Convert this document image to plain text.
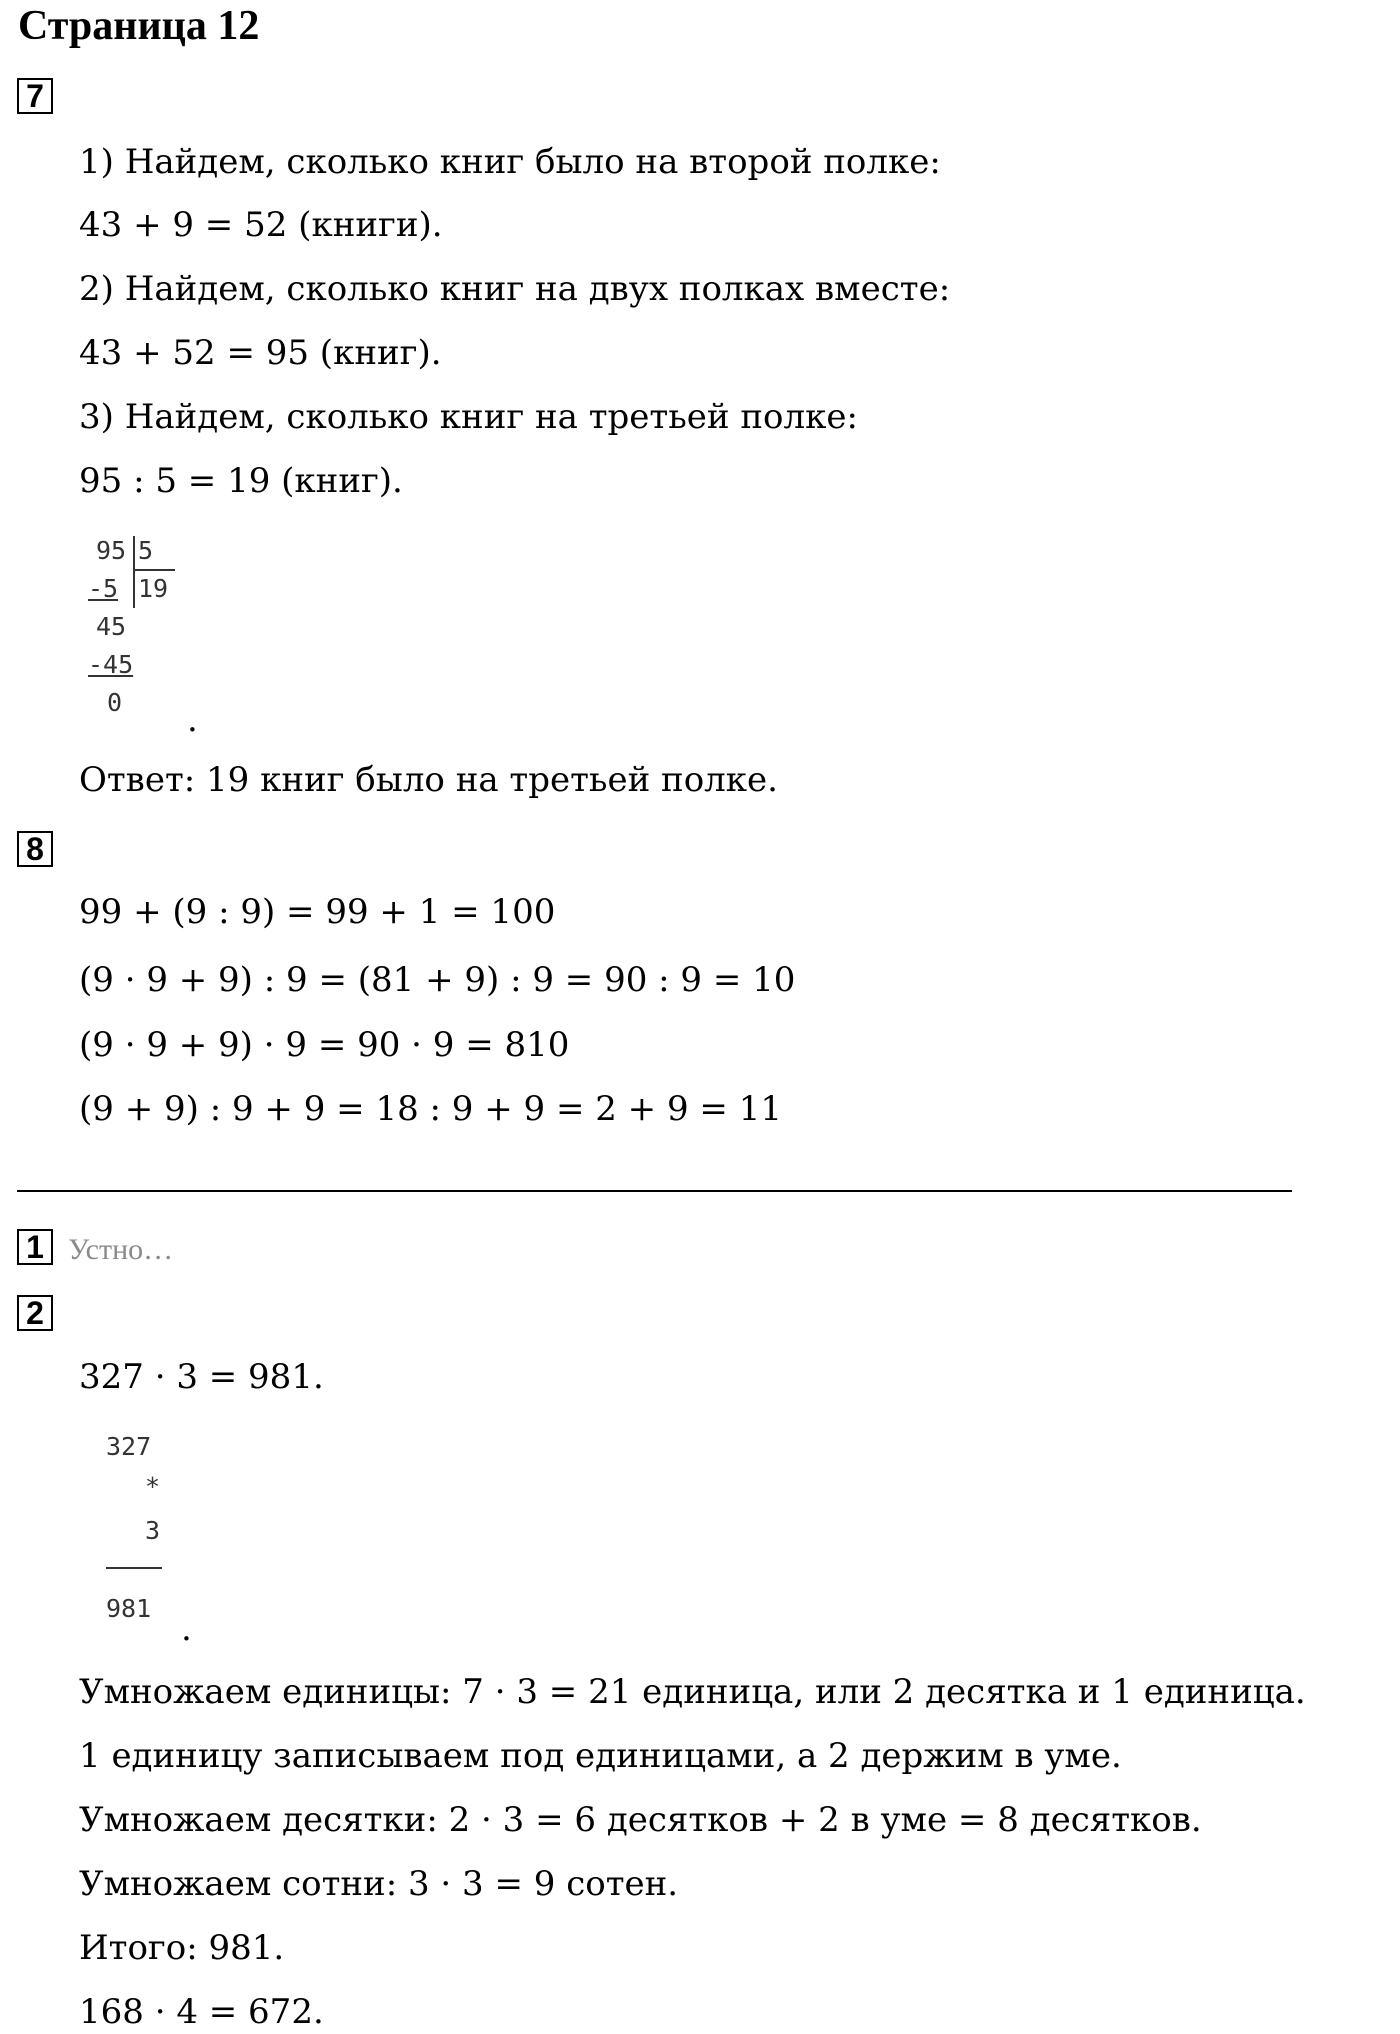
Страница 12
7
1) Найдем, сколько книг было на второй полке:
43 + 9 = 52 (книги).
2) Найдем, сколько книг на двух полках вместе:
43 + 52 = 95 (книг).
3) Найдем, сколько книг на третьей полке:
95 : 5 = 19 (книг).
95 5
19
-5
45
-45
0 .
Ответ: 19 книг было на третьей полке.
8
99 + (9 : 9) = 99 + 1 = 100
(9 · 9 + 9) : 9 = (81 + 9) : 9 = 90 : 9 = 10
(9 · 9 + 9) · 9 = 90 · 9 = 810
(9 + 9) : 9 + 9 = 18 : 9 + 9 = 2 + 9 = 11
1 Устно…
2
327 · 3 = 981.
327
*
3
981
.
Умножаем единицы: 7 · 3 = 21 единица, или 2 десятка и 1 единица.
1 единицу записываем под единицами, а 2 держим в уме.
Умножаем десятки: 2 · 3 = 6 десятков + 2 в уме = 8 десятков.
Умножаем сотни: 3 · 3 = 9 сотен.
Итого: 981.
168 · 4 = 672.
